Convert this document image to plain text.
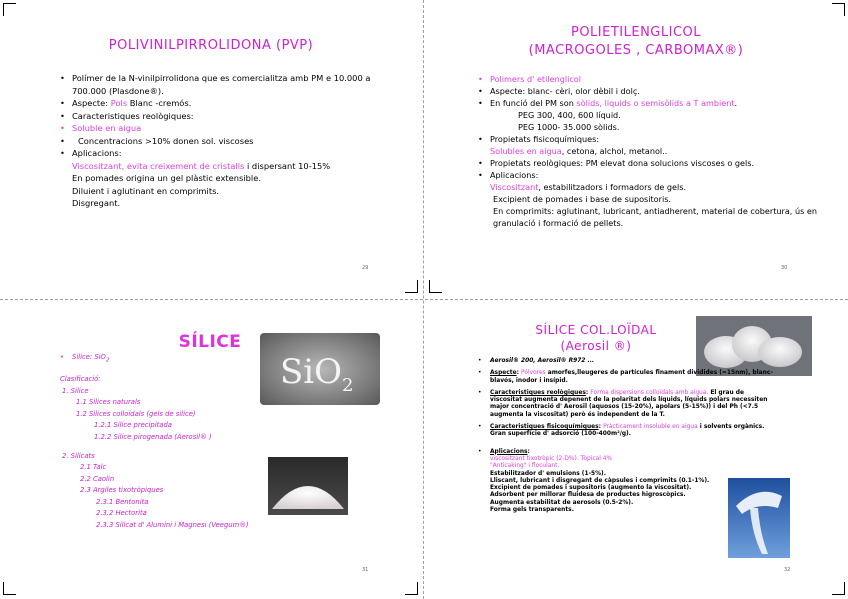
POLIVINILPIRROLIDONA (PVP)
• Polímer de la N-vinilpirrolidona que es comercialitza amb PM e 10.000 a 700.000 (Plasdone®).
• Aspecte: Pols Blanc -cremós.
• Caracteristiques reològiques:
• Soluble en aigua
• Concentracions >10% donen sol. viscoses
• Aplicacions:
Viscositzant, evita creixement de cristalls i dispersant 10-15%
En pomades origina un gel plàstic extensible.
Diluient i aglutinant en comprimits.
Disgregant.
29
POLIETILENGLICOL
(MACROGOLES , CARBOMAX®)
• Polimers d' etilenglicol
• Aspecte: blanc- cèri, olor dèbil i dolç.
• En funció del PM son sòlids, liquids o semisòlids a T ambient.
PEG 300, 400, 600 líquid.
PEG 1000- 35.000 sòlids.
• Propietats fisicoquímiques:
Solubles en aigua, cetona, alchol, metanol..
• Propietats reològiques: PM elevat dona solucions viscoses o gels.
• Aplicacions:
Viscositzant, estabilitzadors i formadors de gels.
Excipient de pomades i base de supositoris.
En comprimits: aglutinant, lubricant, antiadherent, material de cobertura, ús en granulació i formació de pellets.
30
SÍLICE
SiO$_2$
• Silice: SiO$_2$
Clasificació:
1. Silice
1.1 Silices naturals
1.2 Silices colloïdals (gels de silice)
1.2.1 Silice precipitada
1.2.2 Silice pirogenada (Aerosil® )
2. Silicats
2.1 Talc
2.2 Caolin
2.3 Argiles tixotròpiques
2.3.1 Bentonita
2.3.2 Hectorita
2.3.3 Silicat d' Alumini i Magnesi (Veegum®)
31
SÍLICE COL.LOÏDAL
(Aerosil ®)
• Aerosil® 200, Aerosil® R972 ...
• Aspecte: Pólvores amorfes,lleugeres de partícules finament dividides (≈15nm), blanc-blavós, inodor i insípid.
• Caracteristiques reològiques: Forma dispersions colloïdals amb aigua. El grau de viscositat augmenta depenent de la polaritat dels líquids, líquids polars necessiten major concentració d' Aerosil (aquosos (15-20%), apolars (5-15%)) i del Ph (<7.5 augmenta la viscositat) però és independent de la T.
• Caracteristiques fisicoquímiques: Pràcticament insoluble en aigua i solvents orgànics.
Gran superfície d' adsorció (100-400m²/g).
• Aplicacions:
viscositzant tixotròpic (2-D%). Tòpical 4%
"Anticaking" i floculant.
Estabilitzador d' emulsions (1-5%).
Lliscant, lubricant i disgregant de càpsules i comprimits (0.1-1%).
Excipient de pomades i supositoris (augmento la viscositat).
Adsorbent per millorar fluidesa de productes higroscòpics.
Augmenta estabilitat de aerosols (0.5-2%).
Forma gels transparents.
32
